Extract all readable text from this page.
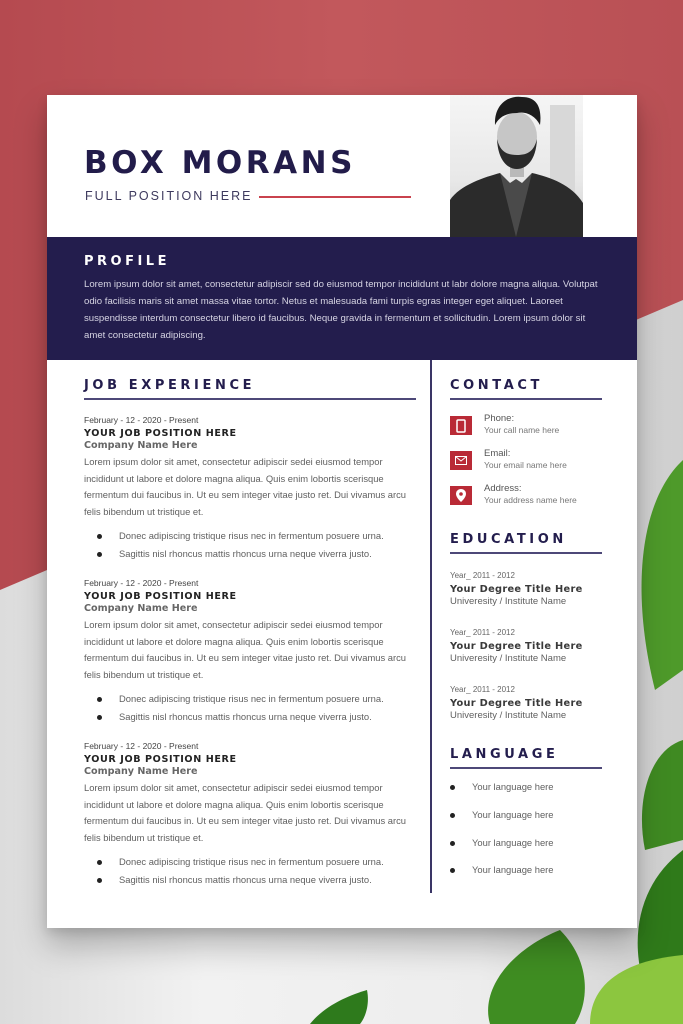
BOX MORANS
FULL POSITION HERE
PROFILE

Lorem ipsum dolor sit amet, consectetur adipiscir sed do eiusmod tempor incididunt ut labr dolore magna aliqua. Volutpat odio facilisis maris sit amet massa vitae tortor. Netus et malesuada fami turpis egras integer eget aliquet. Laoreet suspendisse interdum consectetur libero id faucibus. Neque gravida in fermentum et sollicitudin. Lorem ipsum dolor sit amet consectetur adipiscing.

JOB EXPERIENCE
February - 12 - 2020 - Present
YOUR JOB POSITION HERE
Company Name Here
Lorem ipsum dolor sit amet, consectetur adipiscir sedei eiusmod tempor incididunt ut labore et dolore magna aliqua. Quis enim lobortis scerisque fermentum dui faucibus in. Ut eu sem integer vitae justo ret. Dui vivamus arcu felis bibendum ut tristique et.
Donec adipiscing tristique risus nec in fermentum posuere urna.
Sagittis nisl rhoncus mattis rhoncus urna neque viverra justo.
February - 12 - 2020 - Present
YOUR JOB POSITION HERE
Company Name Here
Lorem ipsum dolor sit amet, consectetur adipiscir sedei eiusmod tempor incididunt ut labore et dolore magna aliqua. Quis enim lobortis scerisque fermentum dui faucibus in. Ut eu sem integer vitae justo ret. Dui vivamus arcu felis bibendum ut tristique et.
Donec adipiscing tristique risus nec in fermentum posuere urna.
Sagittis nisl rhoncus mattis rhoncus urna neque viverra justo.
February - 12 - 2020 - Present
YOUR JOB POSITION HERE
Company Name Here
Lorem ipsum dolor sit amet, consectetur adipiscir sedei eiusmod tempor incididunt ut labore et dolore magna aliqua. Quis enim lobortis scerisque fermentum dui faucibus in. Ut eu sem integer vitae justo ret. Dui vivamus arcu felis bibendum ut tristique et.
Donec adipiscing tristique risus nec in fermentum posuere urna.
Sagittis nisl rhoncus mattis rhoncus urna neque viverra justo.
CONTACT
Phone:
Your call name here
Email:
Your email name here
Address:
Your address name here
EDUCATION
Year_ 2011 - 2012
Your Degree Title Here
Univeresity / Institute Name
Year_ 2011 - 2012
Your Degree Title Here
Univeresity / Institute Name
Year_ 2011 - 2012
Your Degree Title Here
Univeresity / Institute Name
LANGUAGE
Your language here
Your language here
Your language here
Your language here
